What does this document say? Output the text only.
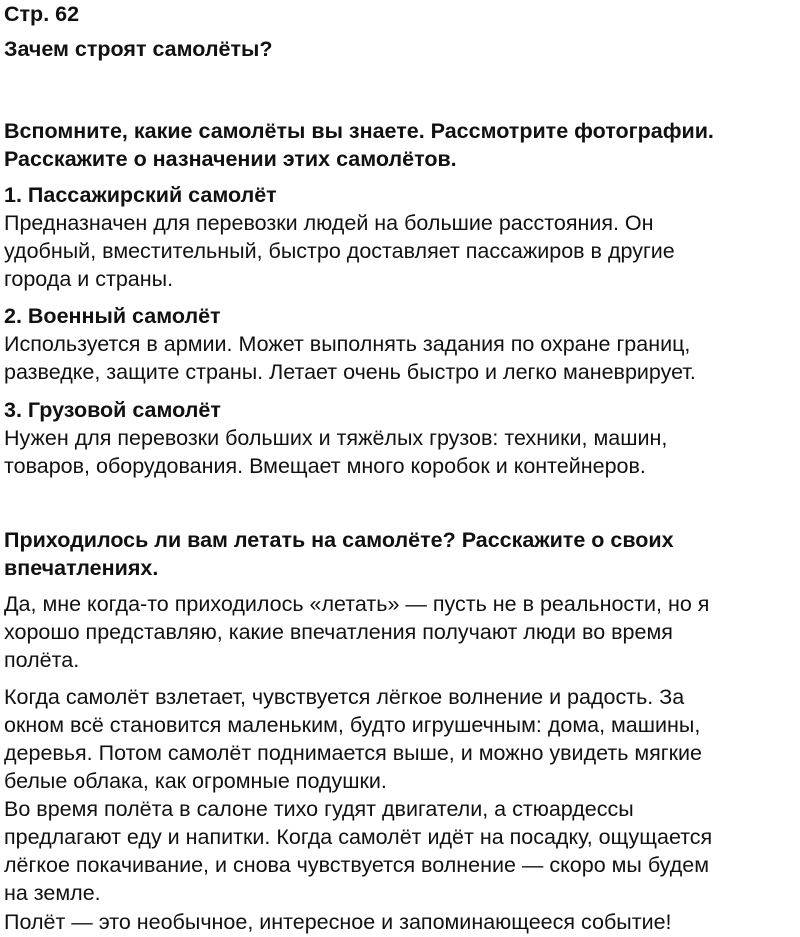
Стр. 62
Зачем строят самолёты?
Вспомните, какие самолёты вы знаете. Рассмотрите фотографии.
Расскажите о назначении этих самолётов.
1. Пассажирский самолёт
Предназначен для перевозки людей на большие расстояния. Он
удобный, вместительный, быстро доставляет пассажиров в другие
города и страны.
2. Военный самолёт
Используется в армии. Может выполнять задания по охране границ,
разведке, защите страны. Летает очень быстро и легко маневрирует.
3. Грузовой самолёт
Нужен для перевозки больших и тяжёлых грузов: техники, машин,
товаров, оборудования. Вмещает много коробок и контейнеров.
Приходилось ли вам летать на самолёте? Расскажите о своих
впечатлениях.
Да, мне когда-то приходилось «летать» — пусть не в реальности, но я
хорошо представляю, какие впечатления получают люди во время
полёта.
Когда самолёт взлетает, чувствуется лёгкое волнение и радость. За
окном всё становится маленьким, будто игрушечным: дома, машины,
деревья. Потом самолёт поднимается выше, и можно увидеть мягкие
белые облака, как огромные подушки.
Во время полёта в салоне тихо гудят двигатели, а стюардессы
предлагают еду и напитки. Когда самолёт идёт на посадку, ощущается
лёгкое покачивание, и снова чувствуется волнение — скоро мы будем
на земле.
Полёт — это необычное, интересное и запоминающееся событие!
